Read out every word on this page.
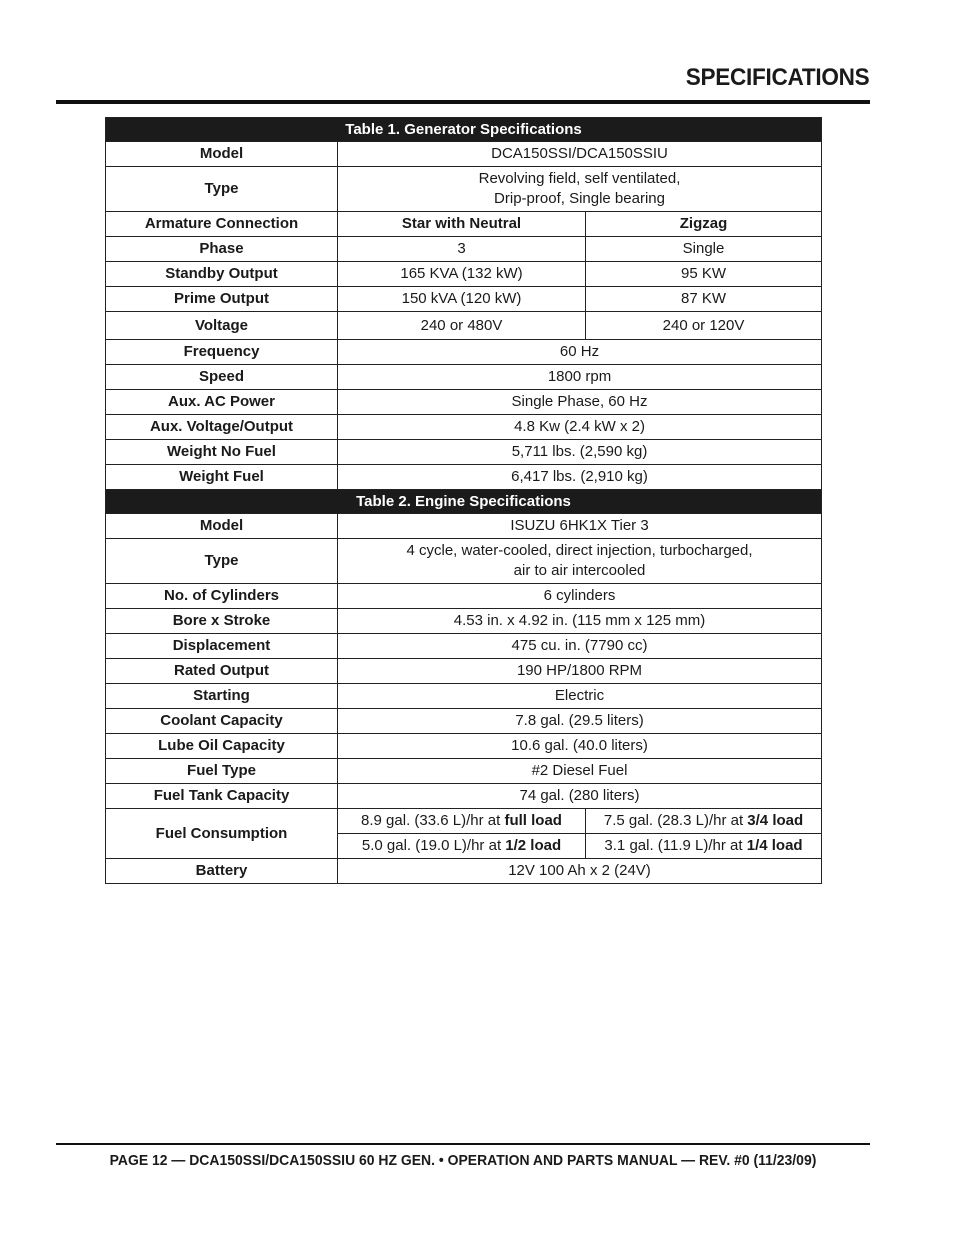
SPECIFICATIONS
Table 1. Generator Specifications		
Model	DCA150SSI/DCA150SSIU	
Type	Revolving field, self ventilated,
Drip-proof, Single bearing	

Armature Connection	Star with Neutral	Zigzag
Phase	3	Single
Standby Output	165 KVA (132 kW)	95 KW
Prime Output	150 kVA (120 kW)	87 KW
Voltage	240 or 480V	240 or 120V
Frequency	60 Hz	
Speed	1800 rpm	
Aux. AC Power	Single Phase, 60 Hz	
Aux. Voltage/Output	4.8 Kw (2.4 kW x 2)	
Weight No Fuel	5,711 lbs. (2,590 kg)	
Weight Fuel	6,417 lbs. (2,910 kg)	
Table 2. Engine Specifications		
Model	ISUZU 6HK1X Tier 3	
Type	4 cycle, water-cooled, direct injection, turbocharged,
air to air intercooled	

No. of Cylinders	6 cylinders	
Bore x Stroke	4.53 in. x 4.92 in. (115 mm x 125 mm)	
Displacement	475 cu. in. (7790 cc)	
Rated Output	190 HP/1800 RPM	
Starting	Electric	
Coolant Capacity	7.8 gal. (29.5 liters)	
Lube Oil Capacity	10.6 gal. (40.0 liters)	
Fuel Type	#2 Diesel Fuel	
Fuel Tank Capacity	74 gal. (280 liters)	
Fuel Consumption	8.9 gal. (33.6 L)/hr at full load	7.5 gal. (28.3 L)/hr at 3/4 load
	5.0 gal. (19.0 L)/hr at 1/2 load	3.1 gal. (11.9 L)/hr at 1/4 load
Battery	12V 100 Ah x 2 (24V)	
PAGE 12 — DCA150SSI/DCA150SSIU 60 HZ GEN. • OPERATION AND PARTS MANUAL — REV. #0 (11/23/09)
